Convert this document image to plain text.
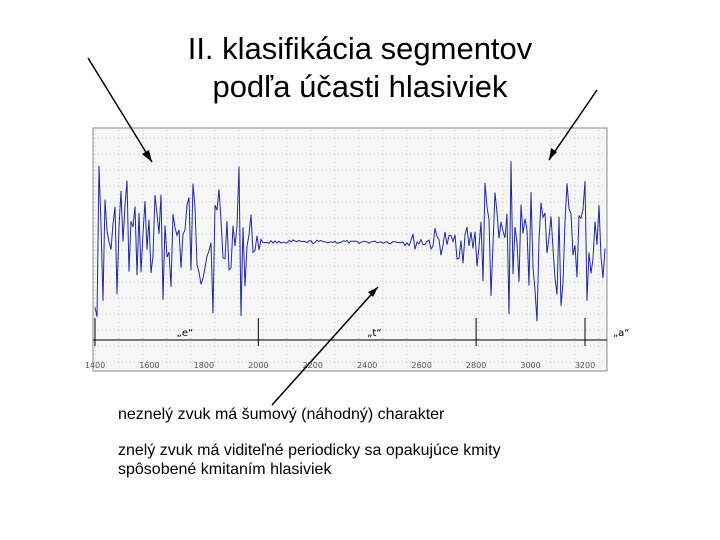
II. klasifikácia segmentov
podľa účasti hlasiviek
„e“	„t“	„a“
1400	1600	1800	2000	2200	2400	2600	2800	3000	3200
neznelý zvuk má šumový (náhodný) charakter
znelý zvuk má viditeľné periodicky sa opakujúce kmity
spôsobené kmitaním hlasiviek
